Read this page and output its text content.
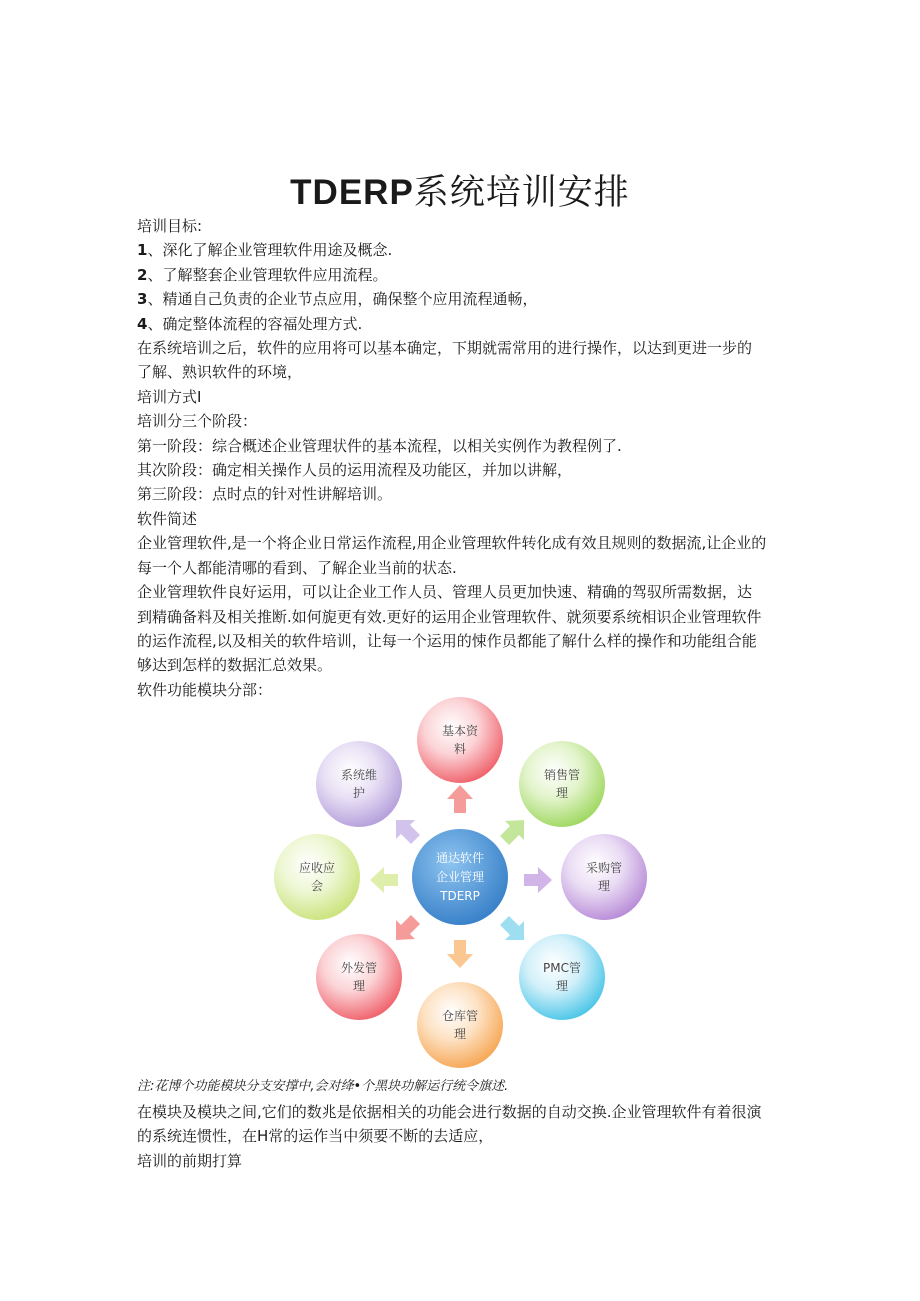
TDERP系统培训安排
培训目标:
1、深化了解企业管理软件用途及概念.
2、了解整套企业管理软件应用流程。
3、精通自己负责的企业节点应用，确保整个应用流程通畅，
4、确定整体流程的容福处理方式.
在系统培训之后，软件的应用将可以基本确定，下期就需常用的进行操作，以达到更进一步的
了解、熟识软件的环境，
培训方式I
培训分三个阶段：
第一阶段：综合概述企业管理状件的基本流程，以相关实例作为教程例了.
其次阶段：确定相关操作人员的运用流程及功能区，并加以讲解，
第三阶段：点时点的针对性讲解培训。
软件简述
企业管理软件,是一个将企业日常运作流程,用企业管理软件转化成有效且规则的数据流,让企业的
每一个人都能清哪的看到、了解企业当前的状态.
企业管理软件良好运用，可以让企业工作人员、管理人员更加快速、精确的驾驭所需数据，达
到精确备料及相关推断.如何旎更有效.更好的运用企业管理软件、就须要系统相识企业管理软件
的运作流程,以及相关的软件培训，让每一个运用的悚作员都能了解什么样的操作和功能组合能
够达到怎样的数据汇总效果。
软件功能模块分部：
通达软件
企业管理
TDERP
基本资
料
销售管
理
采购管
理
PMC管
理
仓库管
理
外发管
理
应收应
会
系统维
护
注:花博个功能模块分支安撑中,会对绛•个黑块功解运行统令旗述.
在模块及模块之间,它们的数兆是依据相关的功能会进行数据的自动交换.企业管理软件有着很演
的系统连惯性，在H常的运作当中须要不断的去适应，
培训的前期打算
